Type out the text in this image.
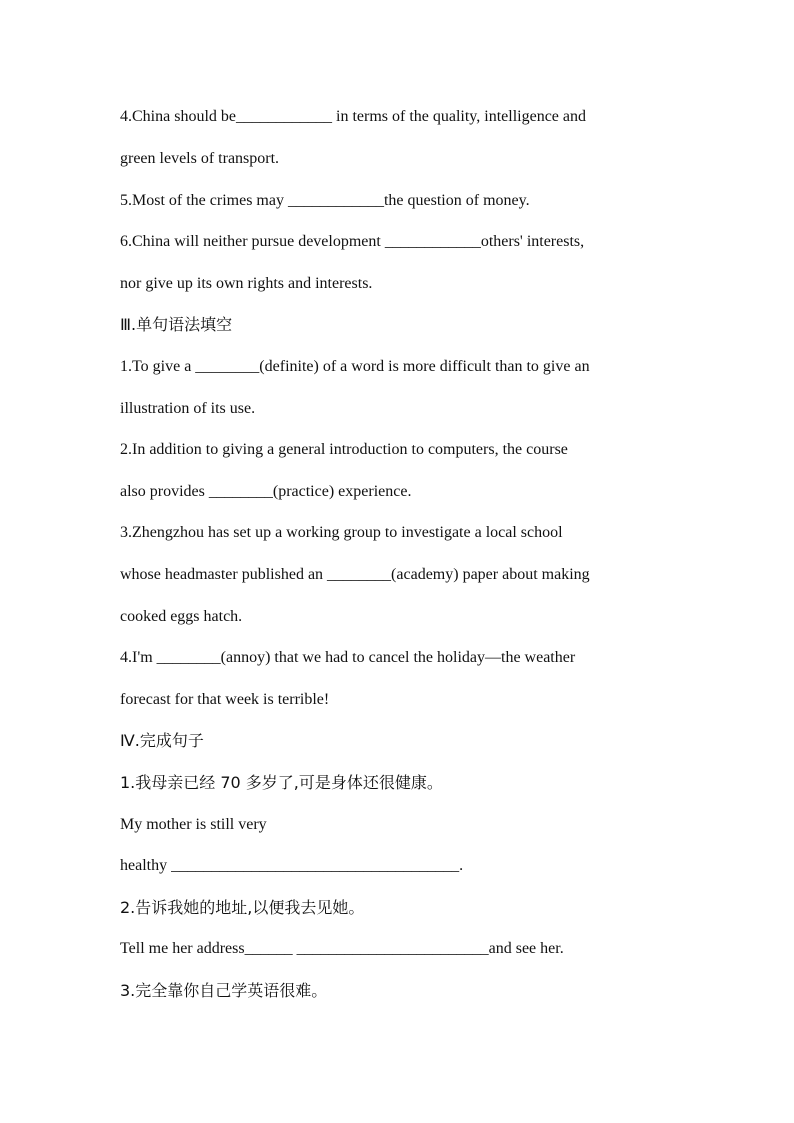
4.China should be____________ in terms of the quality, intelligence and
green levels of transport.
5.Most of the crimes may ____________the question of money.
6.China will neither pursue development ____________others' interests,
nor give up its own rights and interests.
Ⅲ.单句语法填空
1.To give a ________(definite) of a word is more difficult than to give an
illustration of its use.
2.In addition to giving a general introduction to computers, the course
also provides ________(practice) experience.
3.Zhengzhou has set up a working group to investigate a local school
whose headmaster published an ________(academy) paper about making
cooked eggs hatch.
4.I'm ________(annoy) that we had to cancel the holiday—the weather
forecast for that week is terrible!
Ⅳ.完成句子
1.我母亲已经 70 多岁了,可是身体还很健康。
My mother is still very
healthy ____________________________________.
2.告诉我她的地址,以便我去见她。
Tell me her address______ ________________________and see her.
3.完全靠你自己学英语很难。
